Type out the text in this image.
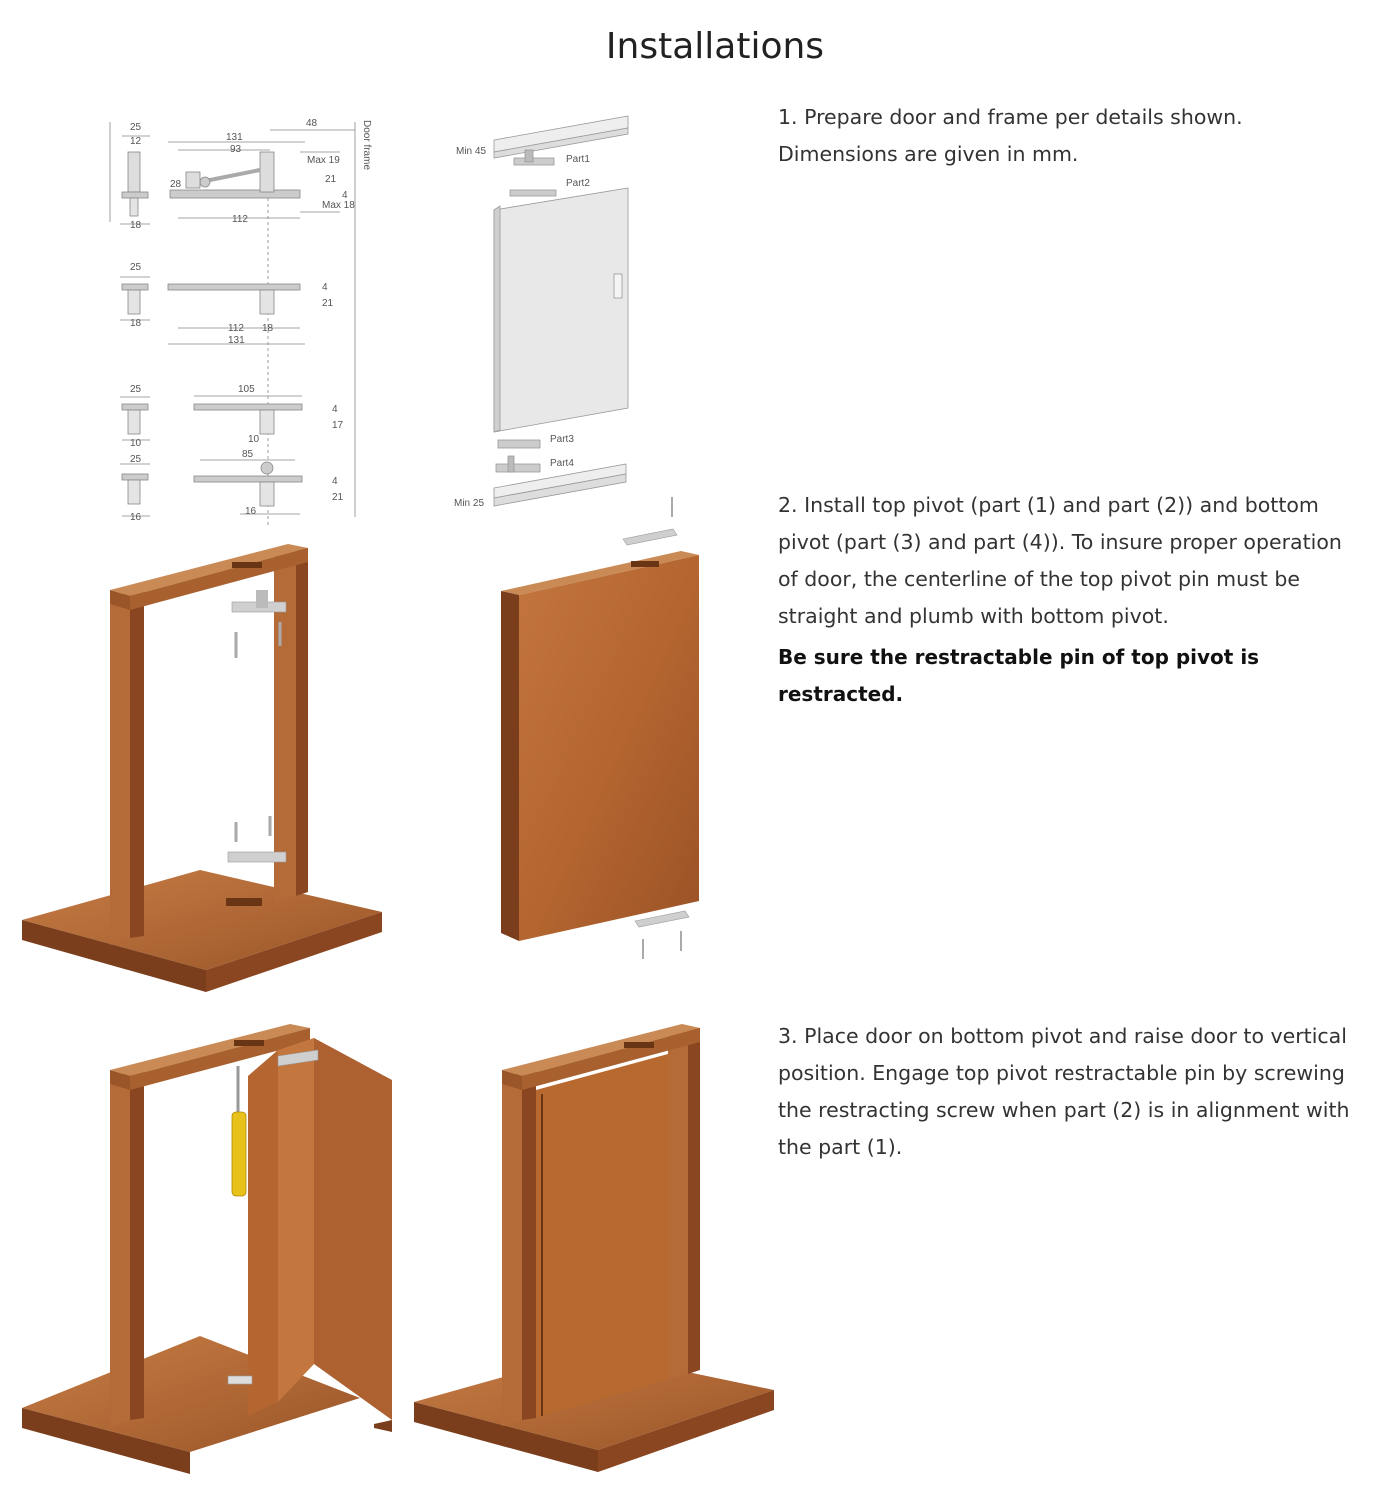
Installations
25
12	131
93
48
Max 19
28	21
4
Max 18
112
18
Door frame
25
4
21
112 18
131
18
25	105
4
17
10
10
85
25
4
21
16
16
Min 45
Part1
Part2
Part3
Part4
Min 25

1. Prepare door and frame per details shown.

Dimensions are given in mm.

2. Install top pivot (part (1) and part (2)) and bottom

pivot (part (3) and part (4)). To insure proper operation

of door, the centerline of the top pivot pin must be

straight and plumb with bottom pivot.

Be sure the restractable pin of top pivot is restracted.

3. Place door on bottom pivot and raise door to vertical

position. Engage top pivot restractable pin by screwing

the restracting screw when part (2) is in alignment with

the part (1).
